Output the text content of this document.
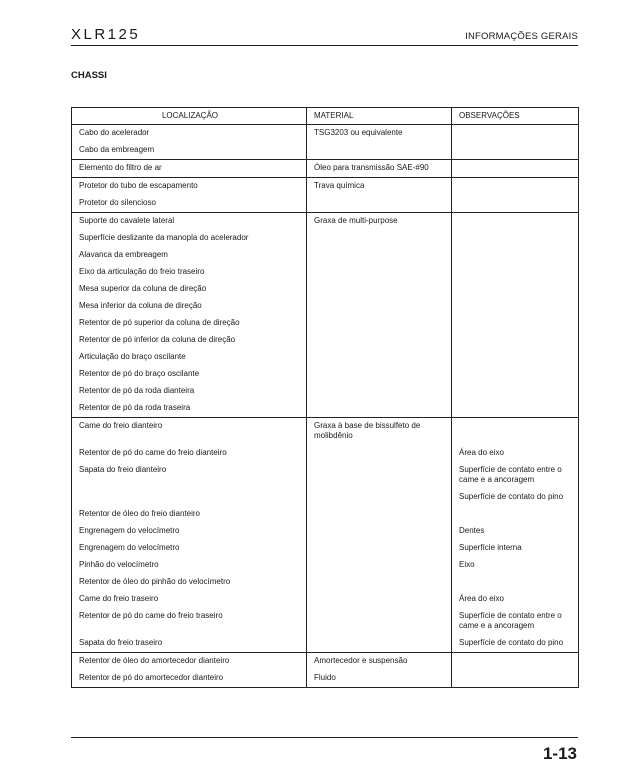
XLR125	INFORMAÇÕES GERAIS
CHASSI
LOCALIZAÇÃO	MATERIAL	OBSERVAÇÕES

Cabo do acelerador	TSG3203 ou equivalente	

Cabo da embreagem		

Elemento do filtro de ar	Óleo para transmissão SAE-#90	

Protetor do tubo de escapamento	Trava química	

Protetor do silencioso		

Suporte do cavalete lateral	Graxa de multi-purpose	

Superfície deslizante da manopla do acelerador		

Alavanca da embreagem		

Eixo da articulação do freio traseiro		

Mesa superior da coluna de direção		

Mesa inferior da coluna de direção		

Retentor de pó superior da coluna de direção		

Retentor de pó inferior da coluna de direção		

Articulação do braço oscilante		

Retentor de pó do braço oscilante		

Retentor de pó da roda dianteira		

Retentor de pó da roda traseira		

Came do freio dianteiro	Graxa à base de bissulfeto de
molibdênio	

Retentor de pó do came do freio dianteiro		Área do eixo

Sapata do freio dianteiro		Superfície de contato entre o
came e a ancoragem

		Superfície de contato do pino

Retentor de óleo do freio dianteiro		

Engrenagem do velocímetro		Dentes

Engrenagem do velocímetro		Superfície interna

Pinhão do velocímetro		Eixo

Retentor de óleo do pinhão do velocímetro		

Came do freio traseiro		Área do eixo

Retentor de pó do came do freio traseiro		Superfície de contato entre o
came e a ancoragem

Sapata do freio traseiro		Superfície de contato do pino

Retentor de óleo do amortecedor dianteiro	Amortecedor e suspensão	

Retentor de pó do amortecedor dianteiro	Fluido	

1-13
